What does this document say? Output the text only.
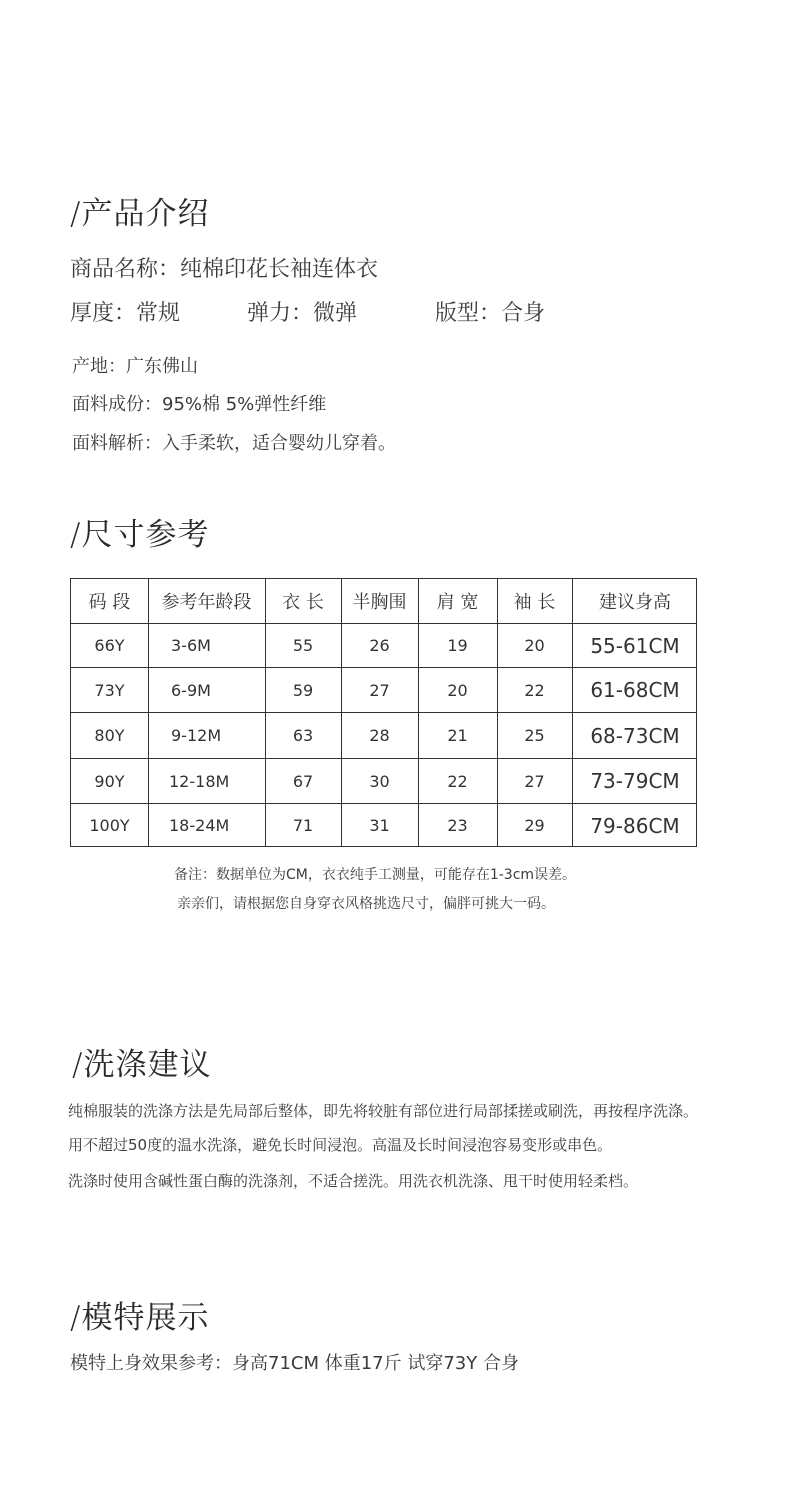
/产品介绍
商品名称：纯棉印花长袖连体衣
厚度：常规	弹力：微弹	版型：合身
产地：广东佛山
面料成份：95%棉 5%弹性纤维
面料解析：入手柔软，适合婴幼儿穿着。
/尺寸参考
码 段	参考年龄段	衣 长	半胸围	肩 宽	袖 长	建议身高
66Y	3-6M	55	26	19	20	55-61CM
73Y	6-9M	59	27	20	22	61-68CM
80Y	9-12M	63	28	21	25	68-73CM
90Y	12-18M	67	30	22	27	73-79CM
100Y	18-24M	71	31	23	29	79-86CM
备注：数据单位为CM，衣衣纯手工测量，可能存在1-3cm误差。
亲亲们，请根据您自身穿衣风格挑选尺寸，偏胖可挑大一码。
/洗涤建议
纯棉服装的洗涤方法是先局部后整体，即先将较脏有部位进行局部揉搓或刷洗，再按程序洗涤。
用不超过50度的温水洗涤，避免长时间浸泡。高温及长时间浸泡容易变形或串色。
洗涤时使用含碱性蛋白酶的洗涤剂，不适合搓洗。用洗衣机洗涤、甩干时使用轻柔档。
/模特展示
模特上身效果参考：身高71CM 体重17斤 试穿73Y 合身
